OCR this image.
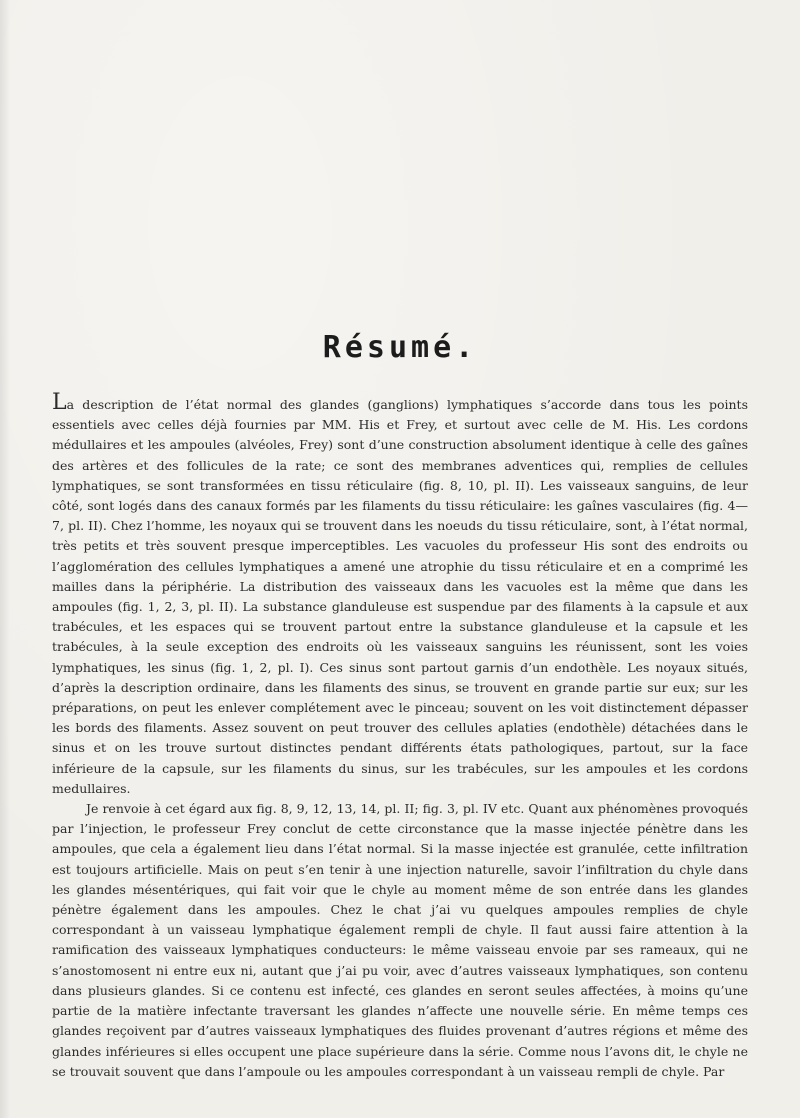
Résumé.

La description de l’état normal des glandes (ganglions) lymphatiques s’accorde dans tous les points essentiels avec celles déjà fournies par MM. His et Frey, et surtout avec celle de M. His. Les cordons médullaires et les ampoules (alvéoles, Frey) sont d’une construction absolument identique à celle des gaînes des artères et des follicules de la rate; ce sont des membranes adventices qui, remplies de cellules lymphatiques, se sont transformées en tissu réticulaire (fig. 8, 10, pl. II). Les vaisseaux sanguins, de leur côté, sont logés dans des canaux formés par les filaments du tissu réticulaire: les gaînes vasculaires (fig. 4—7, pl. II). Chez l’homme, les noyaux qui se trouvent dans les noeuds du tissu réticulaire, sont, à l’état normal, très petits et très souvent presque imperceptibles. Les vacuoles du professeur His sont des endroits ou l’agglomération des cellules lymphatiques a amené une atrophie du tissu réticulaire et en a comprimé les mailles dans la périphérie. La distribution des vaisseaux dans les vacuoles est la même que dans les ampoules (fig. 1, 2, 3, pl. II). La substance glanduleuse est suspendue par des filaments à la capsule et aux trabécules, et les espaces qui se trouvent partout entre la substance glanduleuse et la capsule et les trabécules, à la seule exception des endroits où les vaisseaux sanguins les réunissent, sont les voies lymphatiques, les sinus (fig. 1, 2, pl. I). Ces sinus sont partout garnis d’un endothèle. Les noyaux situés, d’après la description ordinaire, dans les filaments des sinus, se trouvent en grande partie sur eux; sur les préparations, on peut les enlever complétement avec le pinceau; souvent on les voit distinctement dépasser les bords des filaments. Assez souvent on peut trouver des cellules aplaties (endothèle) détachées dans le sinus et on les trouve surtout distinctes pendant différents états pathologiques, partout, sur la face inférieure de la capsule, sur les filaments du sinus, sur les trabécules, sur les ampoules et les cordons medullaires.

Je renvoie à cet égard aux fig. 8, 9, 12, 13, 14, pl. II; fig. 3, pl. IV etc. Quant aux phénomènes provoqués par l’injection, le professeur Frey conclut de cette circonstance que la masse injectée pénètre dans les ampoules, que cela a également lieu dans l’état normal. Si la masse injectée est granulée, cette infiltration est toujours artificielle. Mais on peut s’en tenir à une injection naturelle, savoir l’infiltration du chyle dans les glandes mésentériques, qui fait voir que le chyle au moment même de son entrée dans les glandes pénètre également dans les ampoules. Chez le chat j’ai vu quelques ampoules remplies de chyle correspondant à un vaisseau lymphatique également rempli de chyle. Il faut aussi faire attention à la ramification des vaisseaux lymphatiques conducteurs: le même vaisseau envoie par ses rameaux, qui ne s’anostomosent ni entre eux ni, autant que j’ai pu voir, avec d’autres vaisseaux lymphatiques, son contenu dans plusieurs glandes. Si ce contenu est infecté, ces glandes en seront seules affectées, à moins qu’une partie de la matière infectante traversant les glandes n’affecte une nouvelle série. En même temps ces glandes reçoivent par d’autres vaisseaux lymphatiques des fluides provenant d’autres régions et même des glandes inférieures si elles occupent une place supérieure dans la série. Comme nous l’avons dit, le chyle ne se trouvait souvent que dans l’ampoule ou les ampoules correspondant à un vaisseau rempli de chyle. Par
